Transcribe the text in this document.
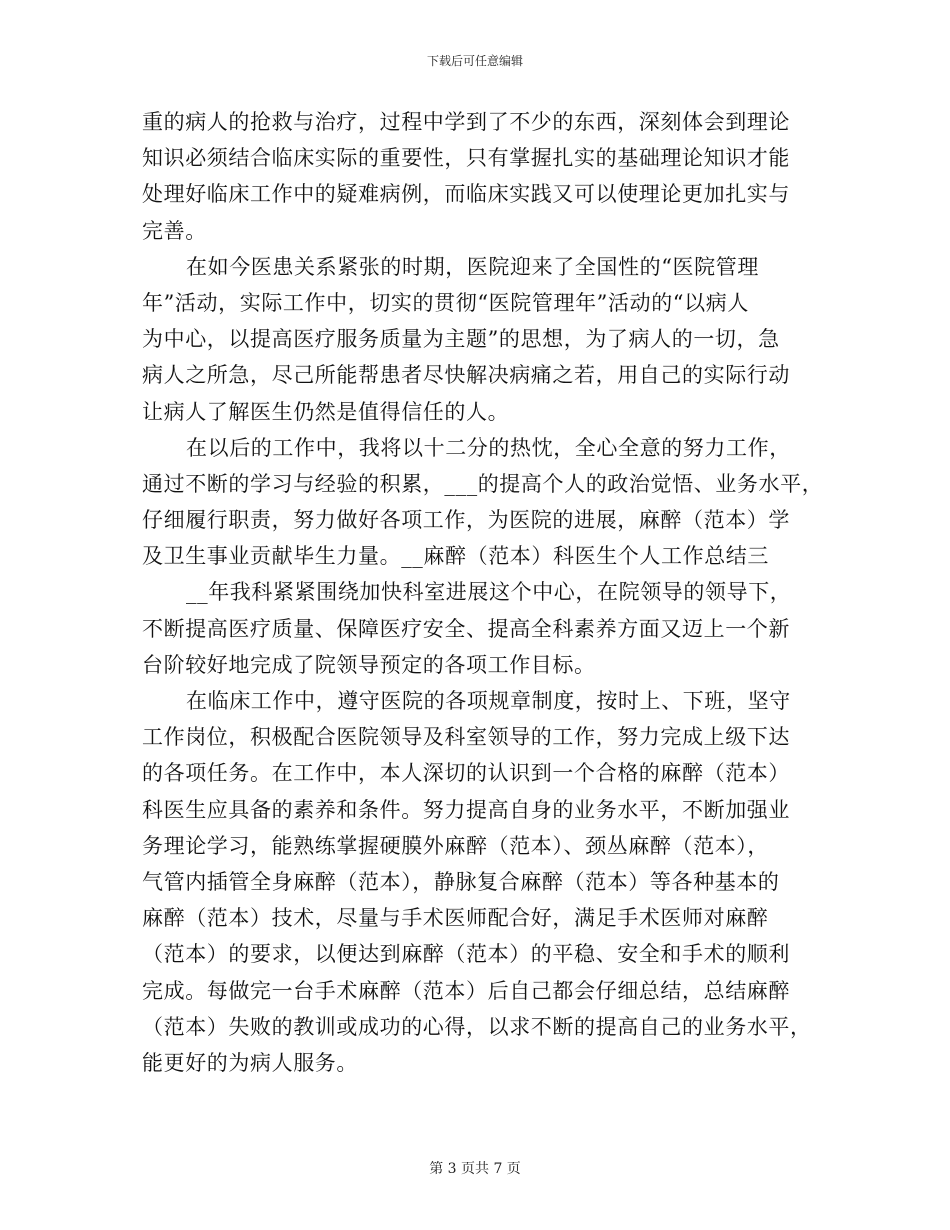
下载后可任意编辑
重的病人的抢救与治疗，过程中学到了不少的东西，深刻体会到理论
知识必须结合临床实际的重要性，只有掌握扎实的基础理论知识才能
处理好临床工作中的疑难病例，而临床实践又可以使理论更加扎实与
完善。
在如今医患关系紧张的时期，医院迎来了全国性的“医院管理
年”活动，实际工作中，切实的贯彻“医院管理年”活动的“以病人
为中心，以提高医疗服务质量为主题”的思想，为了病人的一切，急
病人之所急，尽己所能帮患者尽快解决病痛之若，用自己的实际行动
让病人了解医生仍然是值得信任的人。
在以后的工作中，我将以十二分的热忱，全心全意的努力工作，
通过不断的学习与经验的积累，___的提高个人的政治觉悟、业务水平，
仔细履行职责，努力做好各项工作，为医院的进展，麻醉（范本）学
及卫生事业贡献毕生力量。__麻醉（范本）科医生个人工作总结三
__年我科紧紧围绕加快科室进展这个中心，在院领导的领导下，
不断提高医疗质量、保障医疗安全、提高全科素养方面又迈上一个新
台阶较好地完成了院领导预定的各项工作目标。
在临床工作中，遵守医院的各项规章制度，按时上、下班，坚守
工作岗位，积极配合医院领导及科室领导的工作，努力完成上级下达
的各项任务。在工作中，本人深切的认识到一个合格的麻醉（范本）
科医生应具备的素养和条件。努力提高自身的业务水平，不断加强业
务理论学习，能熟练掌握硬膜外麻醉（范本）、颈丛麻醉（范本），
气管内插管全身麻醉（范本），静脉复合麻醉（范本）等各种基本的
麻醉（范本）技术，尽量与手术医师配合好，满足手术医师对麻醉
（范本）的要求，以便达到麻醉（范本）的平稳、安全和手术的顺利
完成。每做完一台手术麻醉（范本）后自己都会仔细总结，总结麻醉
（范本）失败的教训或成功的心得，以求不断的提高自己的业务水平，
能更好的为病人服务。
第 3 页共 7 页
